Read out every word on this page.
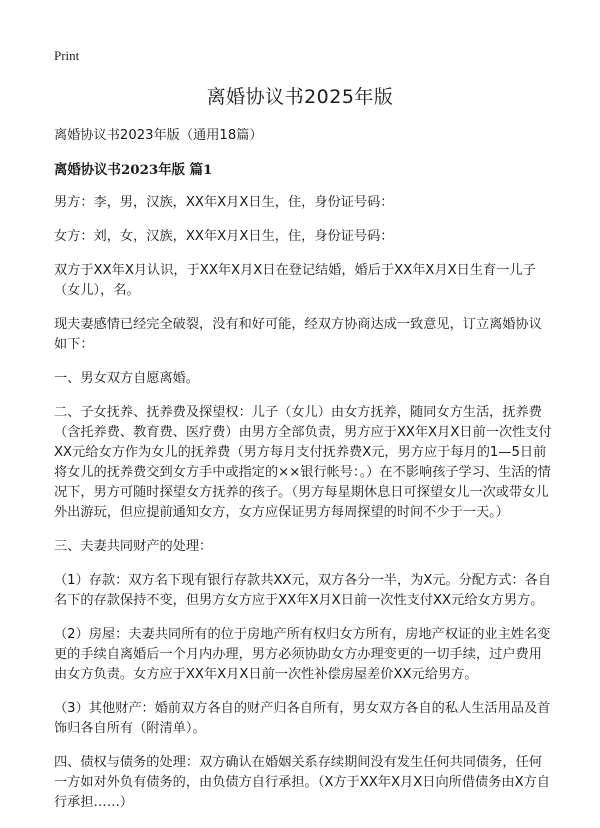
Print
离婚协议书2025年版

离婚协议书2023年版（通用18篇）

离婚协议书2023年版 篇1

男方：李，男，汉族，XX年X月X日生，住，身份证号码：

女方：刘，女，汉族，XX年X月X日生，住，身份证号码：

双方于XX年X月认识，于XX年X月X日在登记结婚，婚后于XX年X月X日生育一儿子（女儿），名。

现夫妻感情已经完全破裂，没有和好可能，经双方协商达成一致意见，订立离婚协议如下：

一、男女双方自愿离婚。

二、子女抚养、抚养费及探望权：儿子（女儿）由女方抚养，随同女方生活，抚养费（含托养费、教育费、医疗费）由男方全部负责，男方应于XX年X月X日前一次性支付XX元给女方作为女儿的抚养费（男方每月支付抚养费X元，男方应于每月的1—5日前将女儿的抚养费交到女方手中或指定的××银行帐号：。）在不影响孩子学习、生活的情况下，男方可随时探望女方抚养的孩子。（男方每星期休息日可探望女儿一次或带女儿外出游玩，但应提前通知女方，女方应保证男方每周探望的时间不少于一天。）

三、夫妻共同财产的处理：

（1）存款：双方名下现有银行存款共XX元，双方各分一半，为X元。分配方式：各自名下的存款保持不变，但男方女方应于XX年X月X日前一次性支付XX元给女方男方。

（2）房屋：夫妻共同所有的位于房地产所有权归女方所有，房地产权证的业主姓名变更的手续自离婚后一个月内办理，男方必须协助女方办理变更的一切手续，过户费用由女方负责。女方应于XX年X月X日前一次性补偿房屋差价XX元给男方。

（3）其他财产：婚前双方各自的财产归各自所有，男女双方各自的私人生活用品及首饰归各自所有（附清单）。

四、债权与债务的处理：双方确认在婚姻关系存续期间没有发生任何共同债务，任何一方如对外负有债务的，由负债方自行承担。（X方于XX年X月X日向所借债务由X方自行承担……）
